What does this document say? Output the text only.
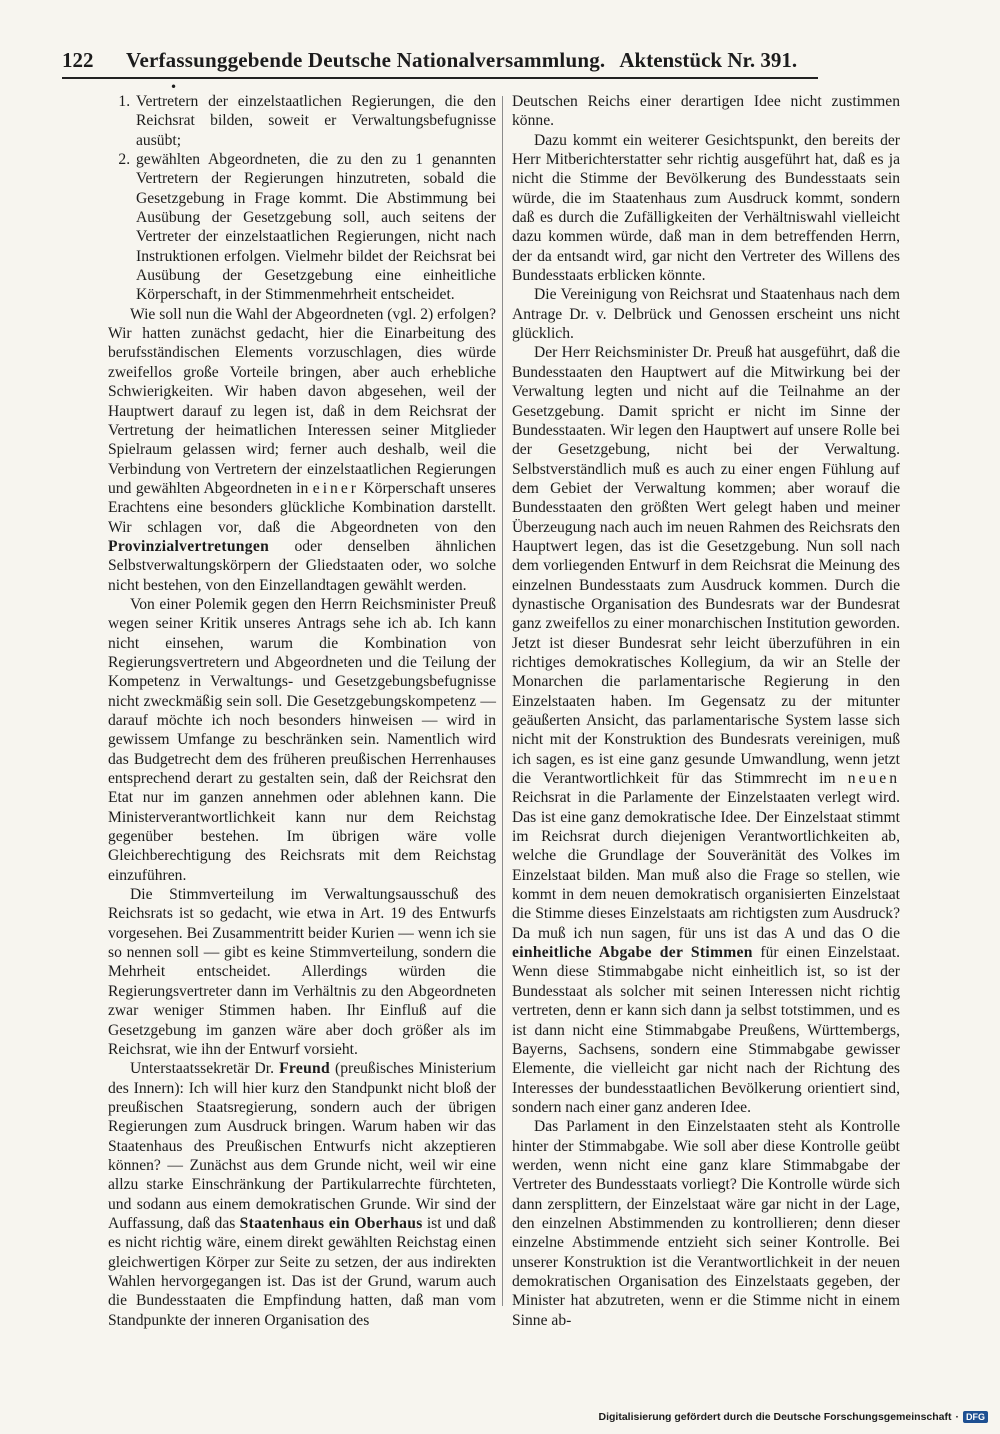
122	Verfassunggebende Deutsche Nationalversammlung. Aktenstück Nr. 391.
•
1. Vertretern der einzelstaatlichen Regierungen, die den Reichsrat bilden, soweit er Verwaltungsbefugnisse ausübt;
2. gewählten Abgeordneten, die zu den zu 1 genannten Vertretern der Regierungen hinzutreten, sobald die Gesetzgebung in Frage kommt. Die Abstimmung bei Ausübung der Gesetzgebung soll, auch seitens der Vertreter der einzelstaatlichen Regierungen, nicht nach Instruktionen erfolgen. Vielmehr bildet der Reichsrat bei Ausübung der Gesetzgebung eine einheitliche Körperschaft, in der Stimmenmehrheit entscheidet.

Wie soll nun die Wahl der Abgeordneten (vgl. 2) erfolgen? Wir hatten zunächst gedacht, hier die Einarbeitung des berufsständischen Elements vorzuschlagen, dies würde zweifellos große Vorteile bringen, aber auch erhebliche Schwierigkeiten. Wir haben davon abgesehen, weil der Hauptwert darauf zu legen ist, daß in dem Reichsrat der Vertretung der heimatlichen Interessen seiner Mitglieder Spielraum gelassen wird; ferner auch deshalb, weil die Verbindung von Vertretern der einzelstaatlichen Regierungen und gewählten Abgeordneten in einer Körperschaft unseres Erachtens eine besonders glückliche Kombination darstellt. Wir schlagen vor, daß die Abgeordneten von den Provinzialvertretungen oder denselben ähnlichen Selbstverwaltungskörpern der Gliedstaaten oder, wo solche nicht bestehen, von den Einzellandtagen gewählt werden.

Von einer Polemik gegen den Herrn Reichsminister Preuß wegen seiner Kritik unseres Antrags sehe ich ab. Ich kann nicht einsehen, warum die Kombination von Regierungsvertretern und Abgeordneten und die Teilung der Kompetenz in Verwaltungs- und Gesetzgebungsbefugnisse nicht zweckmäßig sein soll. Die Gesetzgebungskompetenz — darauf möchte ich noch besonders hinweisen — wird in gewissem Umfange zu beschränken sein. Namentlich wird das Budgetrecht dem des früheren preußischen Herrenhauses entsprechend derart zu gestalten sein, daß der Reichsrat den Etat nur im ganzen annehmen oder ablehnen kann. Die Ministerverantwortlichkeit kann nur dem Reichstag gegenüber bestehen. Im übrigen wäre volle Gleichberechtigung des Reichsrats mit dem Reichstag einzuführen.

Die Stimmverteilung im Verwaltungsausschuß des Reichsrats ist so gedacht, wie etwa in Art. 19 des Entwurfs vorgesehen. Bei Zusammentritt beider Kurien — wenn ich sie so nennen soll — gibt es keine Stimmverteilung, sondern die Mehrheit entscheidet. Allerdings würden die Regierungsvertreter dann im Verhältnis zu den Abgeordneten zwar weniger Stimmen haben. Ihr Einfluß auf die Gesetzgebung im ganzen wäre aber doch größer als im Reichsrat, wie ihn der Entwurf vorsieht.

Unterstaatssekretär Dr. Freund (preußisches Ministerium des Innern): Ich will hier kurz den Standpunkt nicht bloß der preußischen Staatsregierung, sondern auch der übrigen Regierungen zum Ausdruck bringen. Warum haben wir das Staatenhaus des Preußischen Entwurfs nicht akzeptieren können? — Zunächst aus dem Grunde nicht, weil wir eine allzu starke Einschränkung der Partikularrechte fürchteten, und sodann aus einem demokratischen Grunde. Wir sind der Auffassung, daß das Staatenhaus ein Oberhaus ist und daß es nicht richtig wäre, einem direkt gewählten Reichstag einen gleichwertigen Körper zur Seite zu setzen, der aus indirekten Wahlen hervorgegangen ist. Das ist der Grund, warum auch die Bundesstaaten die Empfindung hatten, daß man vom Standpunkte der inneren Organisation des

Deutschen Reichs einer derartigen Idee nicht zustimmen könne.

Dazu kommt ein weiterer Gesichtspunkt, den bereits der Herr Mitberichterstatter sehr richtig ausgeführt hat, daß es ja nicht die Stimme der Bevölkerung des Bundesstaats sein würde, die im Staatenhaus zum Ausdruck kommt, sondern daß es durch die Zufälligkeiten der Verhältniswahl vielleicht dazu kommen würde, daß man in dem betreffenden Herrn, der da entsandt wird, gar nicht den Vertreter des Willens des Bundesstaats erblicken könnte.

Die Vereinigung von Reichsrat und Staatenhaus nach dem Antrage Dr. v. Delbrück und Genossen erscheint uns nicht glücklich.

Der Herr Reichsminister Dr. Preuß hat ausgeführt, daß die Bundesstaaten den Hauptwert auf die Mitwirkung bei der Verwaltung legten und nicht auf die Teilnahme an der Gesetzgebung. Damit spricht er nicht im Sinne der Bundesstaaten. Wir legen den Hauptwert auf unsere Rolle bei der Gesetzgebung, nicht bei der Verwaltung. Selbstverständlich muß es auch zu einer engen Fühlung auf dem Gebiet der Verwaltung kommen; aber worauf die Bundesstaaten den größten Wert gelegt haben und meiner Überzeugung nach auch im neuen Rahmen des Reichsrats den Hauptwert legen, das ist die Gesetzgebung. Nun soll nach dem vorliegenden Entwurf in dem Reichsrat die Meinung des einzelnen Bundesstaats zum Ausdruck kommen. Durch die dynastische Organisation des Bundesrats war der Bundesrat ganz zweifellos zu einer monarchischen Institution geworden. Jetzt ist dieser Bundesrat sehr leicht überzuführen in ein richtiges demokratisches Kollegium, da wir an Stelle der Monarchen die parlamentarische Regierung in den Einzelstaaten haben. Im Gegensatz zu der mitunter geäußerten Ansicht, das parlamentarische System lasse sich nicht mit der Konstruktion des Bundesrats vereinigen, muß ich sagen, es ist eine ganz gesunde Umwandlung, wenn jetzt die Verantwortlichkeit für das Stimmrecht im neuen Reichsrat in die Parlamente der Einzelstaaten verlegt wird. Das ist eine ganz demokratische Idee. Der Einzelstaat stimmt im Reichsrat durch diejenigen Verantwortlichkeiten ab, welche die Grundlage der Souveränität des Volkes im Einzelstaat bilden. Man muß also die Frage so stellen, wie kommt in dem neuen demokratisch organisierten Einzelstaat die Stimme dieses Einzelstaats am richtigsten zum Ausdruck? Da muß ich nun sagen, für uns ist das A und das O die einheitliche Abgabe der Stimmen für einen Einzelstaat. Wenn diese Stimmabgabe nicht einheitlich ist, so ist der Bundesstaat als solcher mit seinen Interessen nicht richtig vertreten, denn er kann sich dann ja selbst totstimmen, und es ist dann nicht eine Stimmabgabe Preußens, Württembergs, Bayerns, Sachsens, sondern eine Stimmabgabe gewisser Elemente, die vielleicht gar nicht nach der Richtung des Interesses der bundesstaatlichen Bevölkerung orientiert sind, sondern nach einer ganz anderen Idee.

Das Parlament in den Einzelstaaten steht als Kontrolle hinter der Stimmabgabe. Wie soll aber diese Kontrolle geübt werden, wenn nicht eine ganz klare Stimmabgabe der Vertreter des Bundesstaats vorliegt? Die Kontrolle würde sich dann zersplittern, der Einzelstaat wäre gar nicht in der Lage, den einzelnen Abstimmenden zu kontrollieren; denn dieser einzelne Abstimmende entzieht sich seiner Kontrolle. Bei unserer Konstruktion ist die Verantwortlichkeit in der neuen demokratischen Organisation des Einzelstaats gegeben, der Minister hat abzutreten, wenn er die Stimme nicht in einem Sinne ab-

Digitalisierung gefördert durch die Deutsche Forschungsgemeinschaft · DFG
